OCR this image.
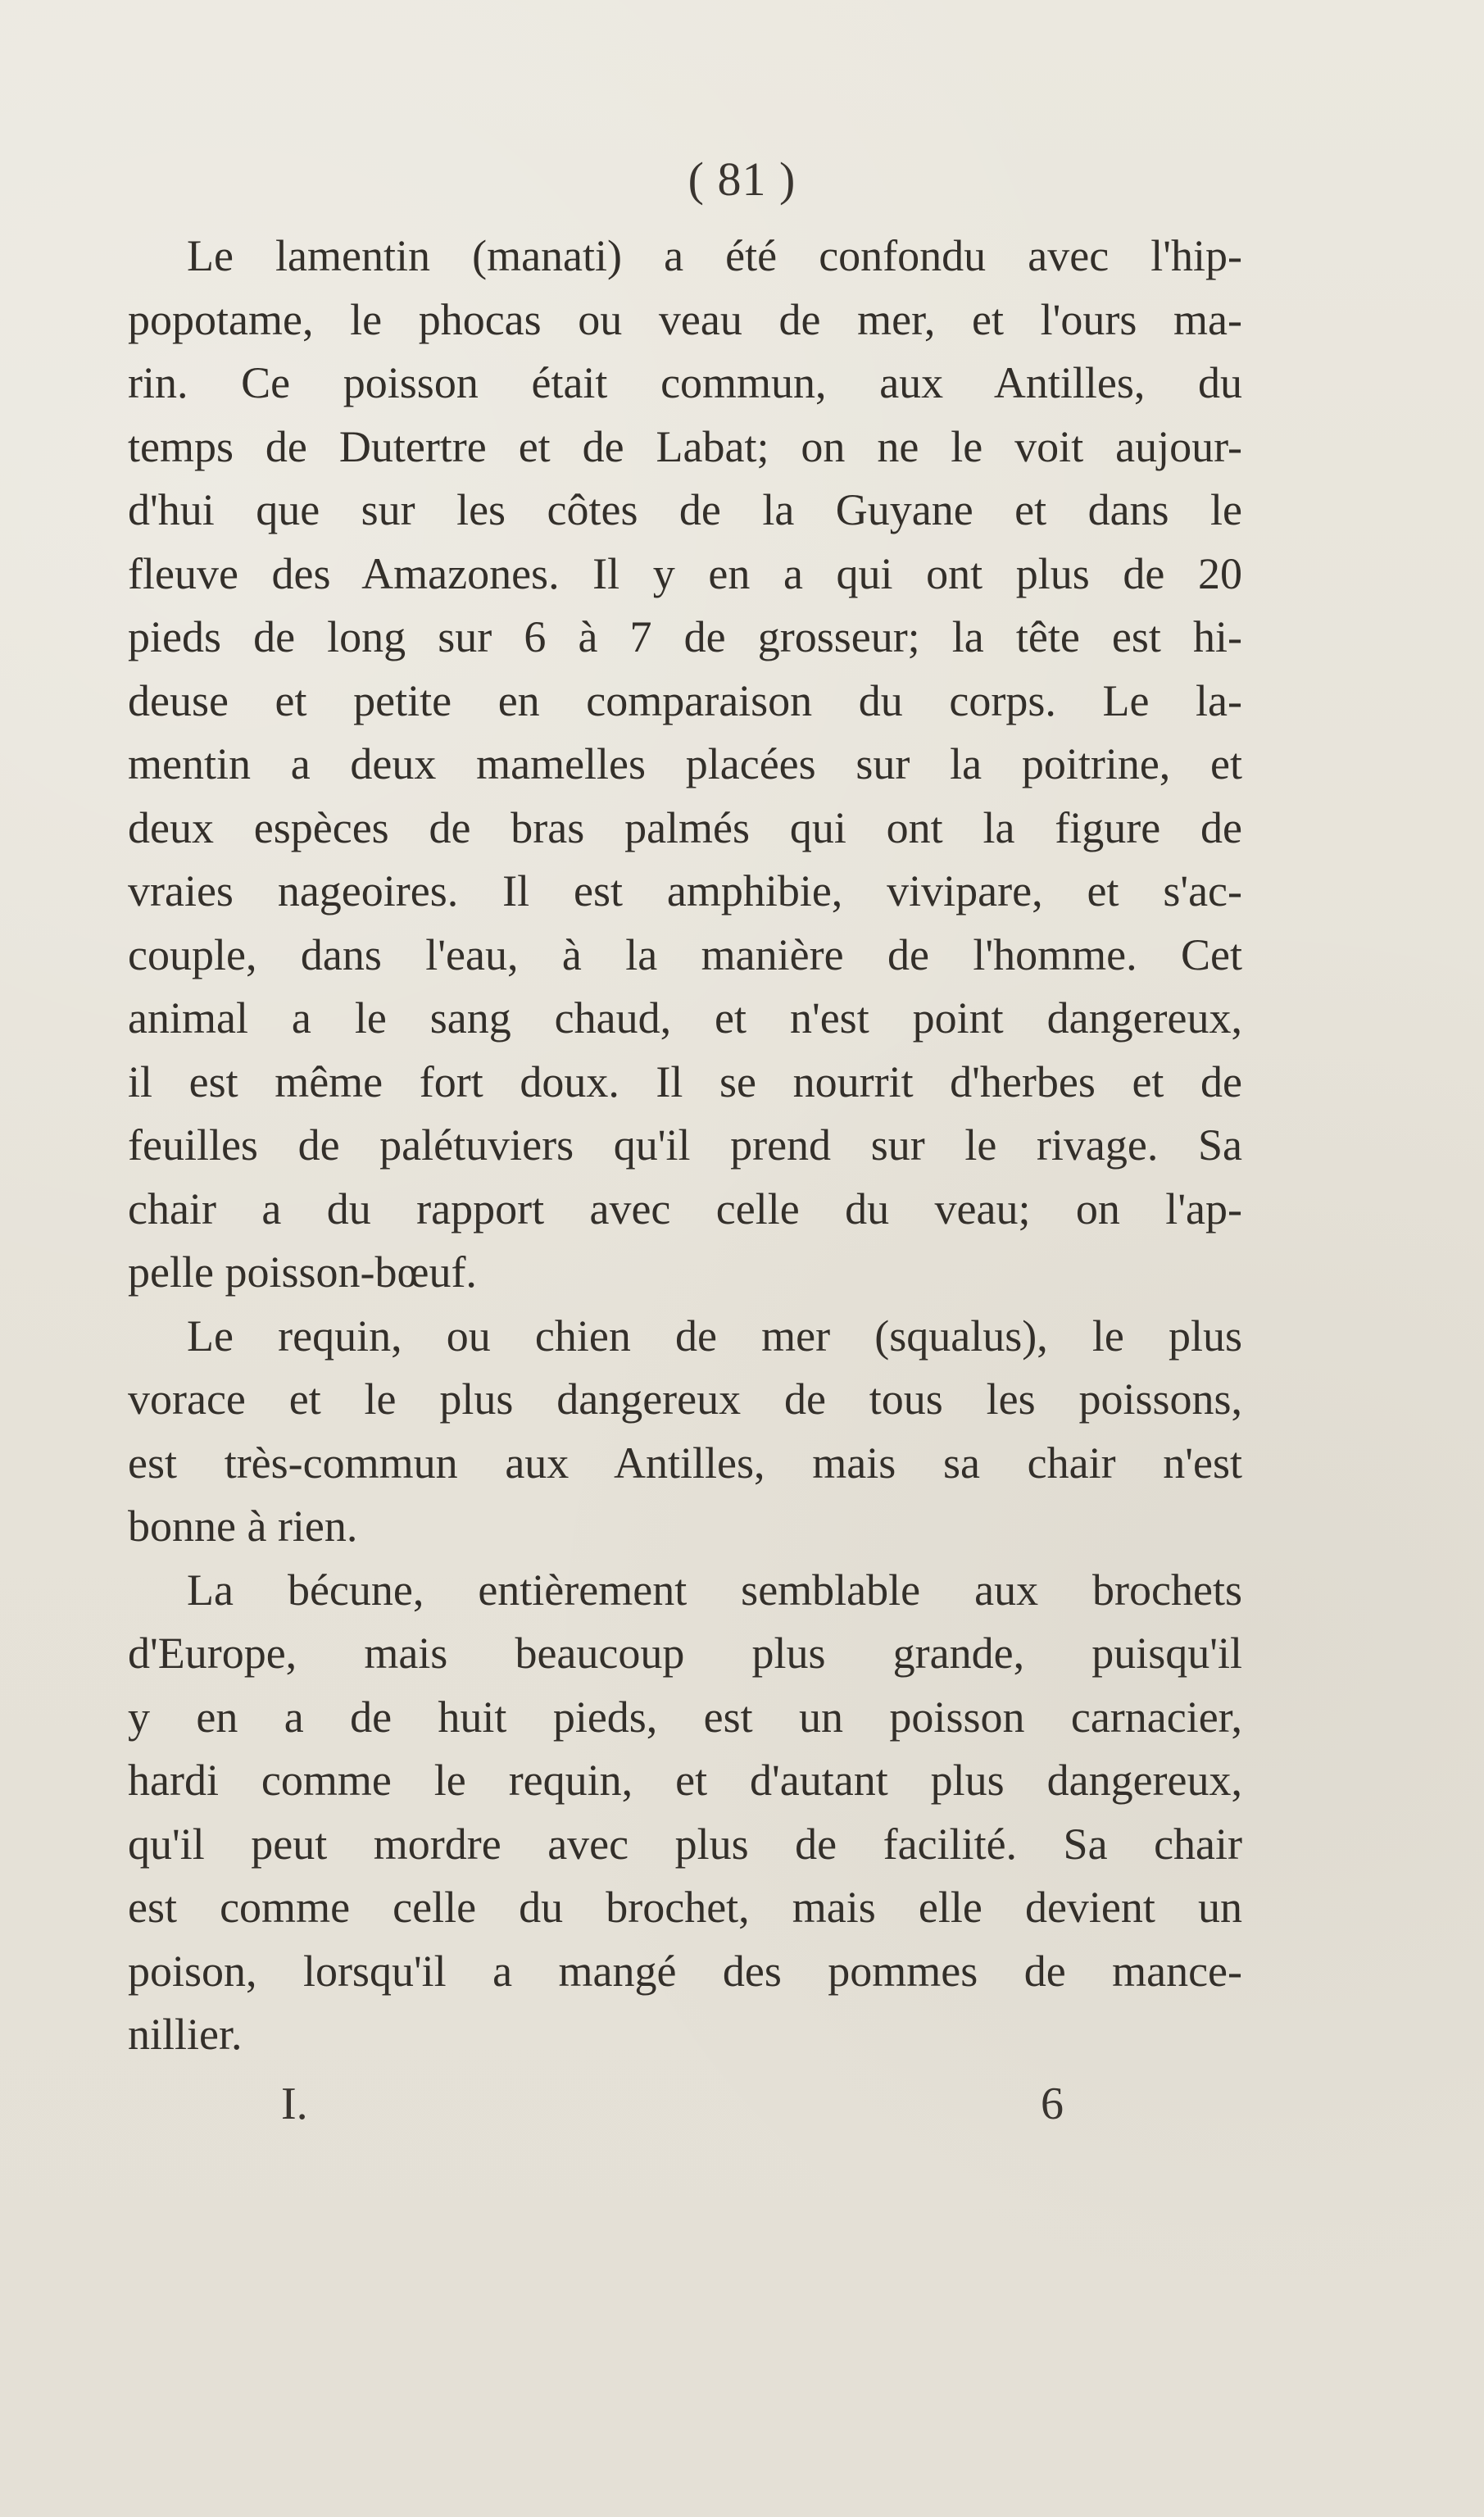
( 81 )
Le lamentin (manati) a été confondu avec l'hip-
popotame, le phocas ou veau de mer, et l'ours ma-
rin. Ce poisson était commun, aux Antilles, du
temps de Dutertre et de Labat; on ne le voit aujour-
d'hui que sur les côtes de la Guyane et dans le
fleuve des Amazones. Il y en a qui ont plus de 20
pieds de long sur 6 à 7 de grosseur; la tête est hi-
deuse et petite en comparaison du corps. Le la-
mentin a deux mamelles placées sur la poitrine, et
deux espèces de bras palmés qui ont la figure de
vraies nageoires. Il est amphibie, vivipare, et s'ac-
couple, dans l'eau, à la manière de l'homme. Cet
animal a le sang chaud, et n'est point dangereux,
il est même fort doux. Il se nourrit d'herbes et de
feuilles de palétuviers qu'il prend sur le rivage. Sa
chair a du rapport avec celle du veau; on l'ap-
pelle poisson-bœuf.
Le requin, ou chien de mer (squalus), le plus
vorace et le plus dangereux de tous les poissons,
est très-commun aux Antilles, mais sa chair n'est
bonne à rien.
La bécune, entièrement semblable aux brochets
d'Europe, mais beaucoup plus grande, puisqu'il
y en a de huit pieds, est un poisson carnacier,
hardi comme le requin, et d'autant plus dangereux,
qu'il peut mordre avec plus de facilité. Sa chair
est comme celle du brochet, mais elle devient un
poison, lorsqu'il a mangé des pommes de mance-
nillier.
I.	6
